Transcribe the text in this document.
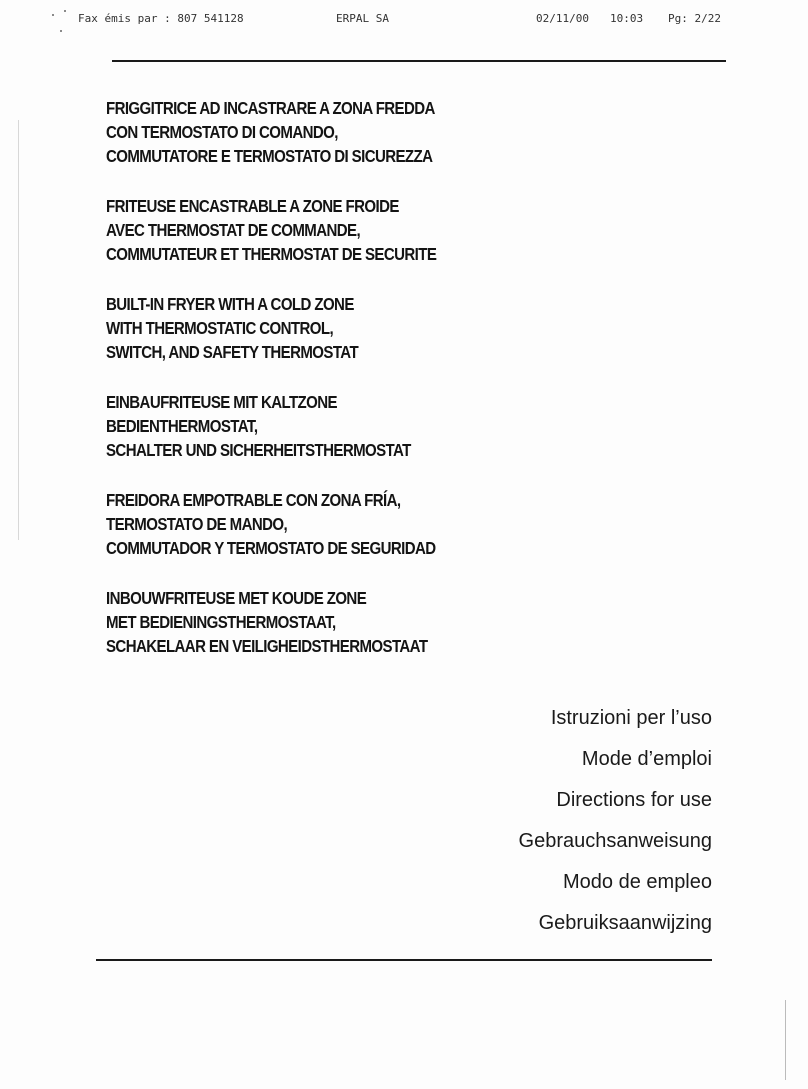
Fax émis par : 807 541128	ERPAL SA	02/11/00 10:03 Pg: 2/22
FRIGGITRICE AD INCASTRARE A ZONA FREDDA
CON TERMOSTATO DI COMANDO,
COMMUTATORE E TERMOSTATO DI SICUREZZA
FRITEUSE ENCASTRABLE A ZONE FROIDE
AVEC THERMOSTAT DE COMMANDE,
COMMUTATEUR ET THERMOSTAT DE SECURITE
BUILT-IN FRYER WITH A COLD ZONE
WITH THERMOSTATIC CONTROL,
SWITCH, AND SAFETY THERMOSTAT
EINBAUFRITEUSE MIT KALTZONE
BEDIENTHERMOSTAT,
SCHALTER UND SICHERHEITSTHERMOSTAT
FREIDORA EMPOTRABLE CON ZONA FRÍA,
TERMOSTATO DE MANDO,
COMMUTADOR Y TERMOSTATO DE SEGURIDAD
INBOUWFRITEUSE MET KOUDE ZONE
MET BEDIENINGSTHERMOSTAAT,
SCHAKELAAR EN VEILIGHEIDSTHERMOSTAAT
Istruzioni per l’uso
Mode d’emploi
Directions for use
Gebrauchsanweisung
Modo de empleo
Gebruiksaanwijzing
